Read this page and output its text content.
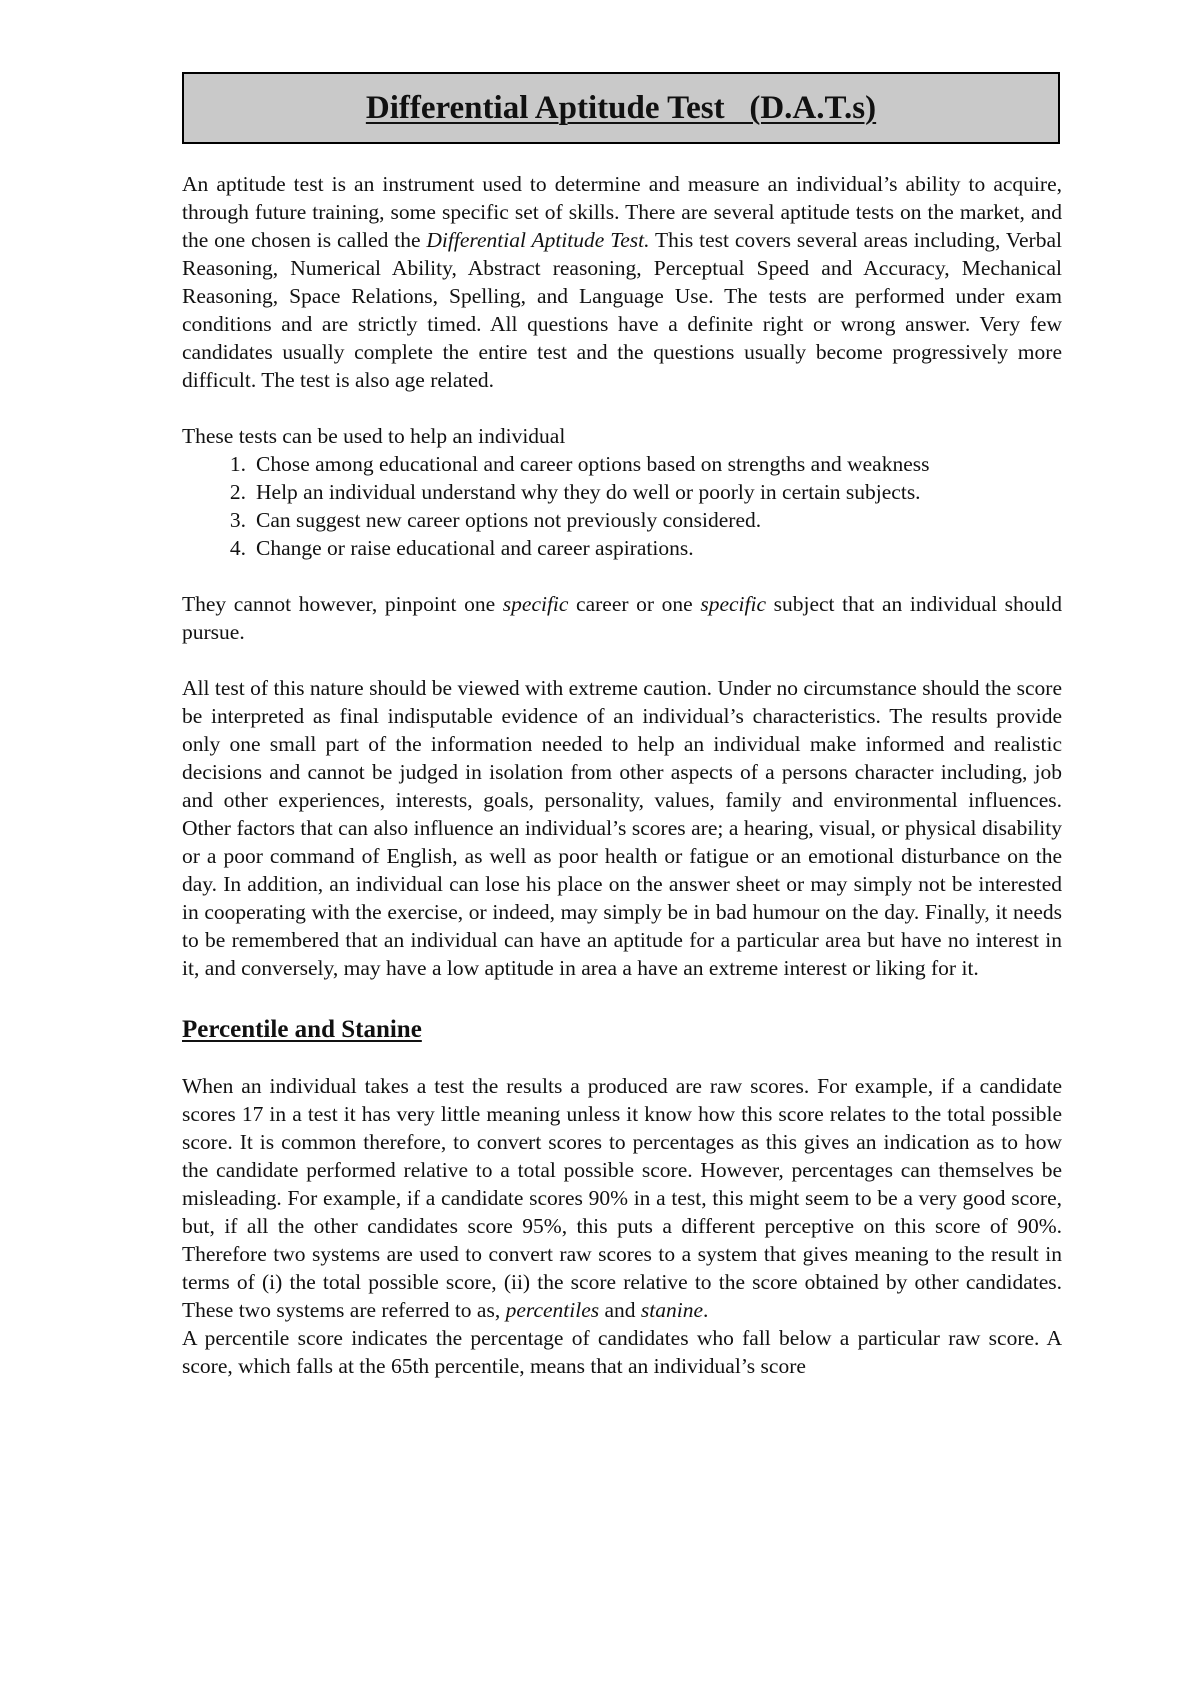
Differential Aptitude Test   (D.A.T.s)

An aptitude test is an instrument used to determine and measure an individual’s ability to acquire, through future training, some specific set of skills. There are several aptitude tests on the market, and the one chosen is called the Differential Aptitude Test. This test covers several areas including, Verbal Reasoning, Numerical Ability, Abstract reasoning, Perceptual Speed and Accuracy, Mechanical Reasoning, Space Relations, Spelling, and Language Use. The tests are performed under exam conditions and are strictly timed. All questions have a definite right or wrong answer. Very few candidates usually complete the entire test and the questions usually become progressively more difficult. The test is also age related.

These tests can be used to help an individual

1. Chose among educational and career options based on strengths and weakness
2. Help an individual understand why they do well or poorly in certain subjects.
3. Can suggest new career options not previously considered.
4. Change or raise educational and career aspirations.

They cannot however, pinpoint one specific career or one specific subject that an individual should pursue.

All test of this nature should be viewed with extreme caution. Under no circumstance should the score be interpreted as final indisputable evidence of an individual’s characteristics. The results provide only one small part of the information needed to help an individual make informed and realistic decisions and cannot be judged in isolation from other aspects of a persons character including, job and other experiences, interests, goals, personality, values, family and environmental influences. Other factors that can also influence an individual’s scores are; a hearing, visual, or physical disability or a poor command of English, as well as poor health or fatigue or an emotional disturbance on the day. In addition, an individual can lose his place on the answer sheet or may simply not be interested in cooperating with the exercise, or indeed, may simply be in bad humour on the day. Finally, it needs to be remembered that an individual can have an aptitude for a particular area but have no interest in it, and conversely, may have a low aptitude in area a have an extreme interest or liking for it.

Percentile and Stanine

When an individual takes a test the results a produced are raw scores. For example, if a candidate scores 17 in a test it has very little meaning unless it know how this score relates to the total possible score. It is common therefore, to convert scores to percentages as this gives an indication as to how the candidate performed relative to a total possible score. However, percentages can themselves be misleading. For example, if a candidate scores 90% in a test, this might seem to be a very good score, but, if all the other candidates score 95%, this puts a different perceptive on this score of 90%. Therefore two systems are used to convert raw scores to a system that gives meaning to the result in terms of (i) the total possible score, (ii) the score relative to the score obtained by other candidates. These two systems are referred to as, percentiles and stanine.

A percentile score indicates the percentage of candidates who fall below a particular raw score. A score, which falls at the 65th percentile, means that an individual’s score
